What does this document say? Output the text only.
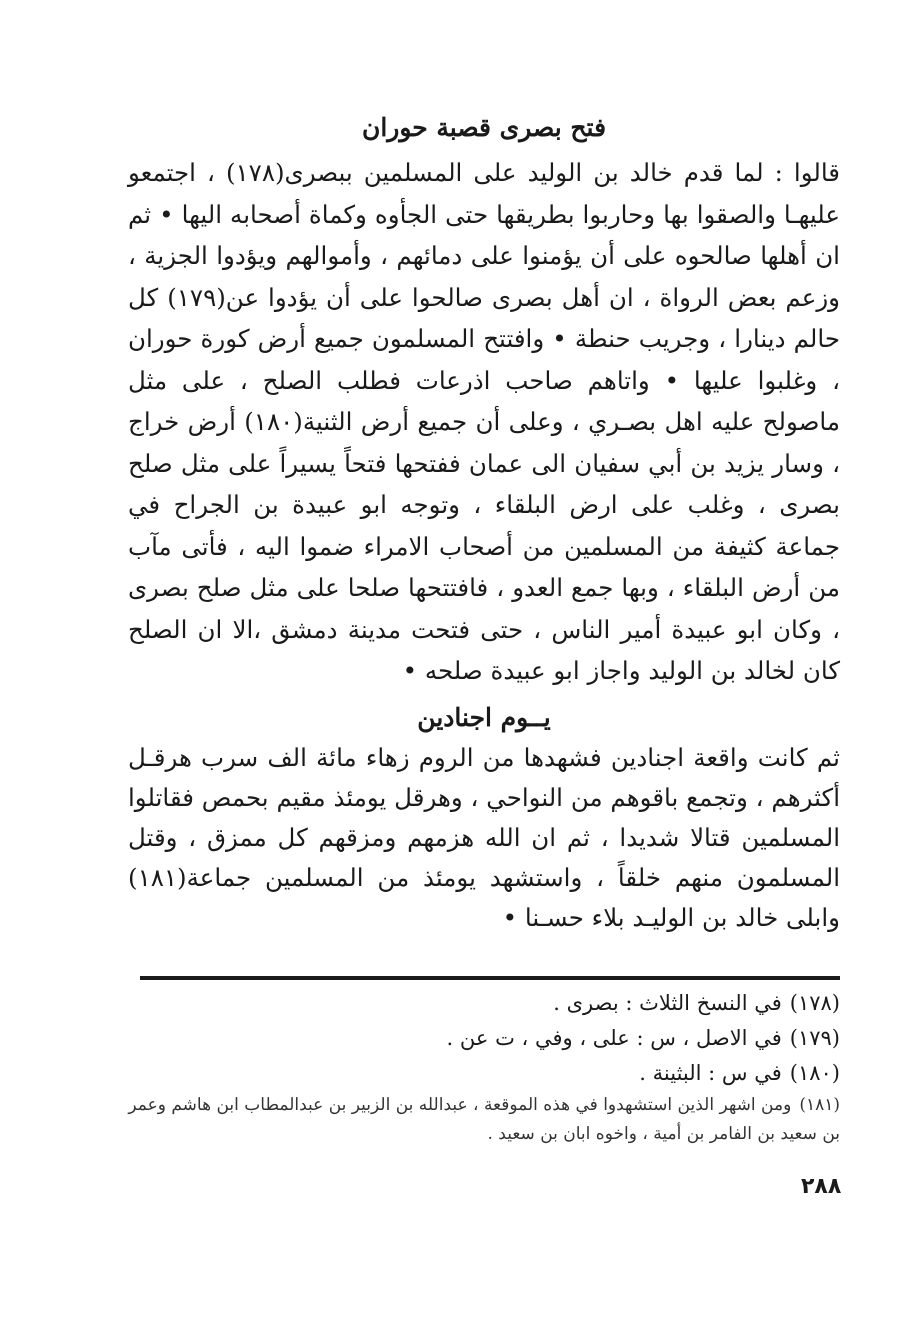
فتح بصرى قصبة حوران

قالوا : لما قدم خالد بن الوليد على المسلمين ببصرى(١٧٨) ، اجتمعو عليهـا والصقوا بها وحاربوا بطريقها حتى الجأوه وكماة أصحابه اليها • ثم ان أهلها صالحوه على أن يؤمنوا على دمائهم ، وأموالهم ويؤدوا الجزية ، وزعم بعض الرواة ، ان أهل بصرى صالحوا على أن يؤدوا عن(١٧٩) كل حالم دينارا ، وجريب حنطة • وافتتح المسلمون جميع أرض كورة حوران ، وغلبوا عليها • واتاهم صاحب اذرعات فطلب الصلح ، على مثل ماصولح عليه اهل بصـري ، وعلى أن جميع أرض الثنية(١٨٠) أرض خراج ، وسار يزيد بن أبي سفيان الى عمان ففتحها فتحاً يسيراً على مثل صلح بصرى ، وغلب على ارض البلقاء ، وتوجه ابو عبيدة بن الجراح في جماعة كثيفة من المسلمين من أصحاب الامراء ضموا اليه ، فأتى مآب من أرض البلقاء ، وبها جمع العدو ، فافتتحها صلحا على مثل صلح بصرى ، وكان ابو عبيدة أمير الناس ، حتى فتحت مدينة دمشق ،الا ان الصلح كان لخالد بن الوليد واجاز ابو عبيدة صلحه •

يــوم اجنادين

ثم كانت واقعة اجنادين فشهدها من الروم زهاء مائة الف سرب هرقـل أكثرهم ، وتجمع باقوهم من النواحي ، وهرقل يومئذ مقيم بحمص فقاتلوا المسلمين قتالا شديدا ، ثم ان الله هزمهم ومزقهم كل ممزق ، وقتل المسلمون منهم خلقاً ، واستشهد يومئذ من المسلمين جماعة(١٨١) وابلى خالد بن الوليـد بلاء حسـنا •

(١٧٨)في النسخ الثلاث : بصرى .

(١٧٩)في الاصل ، س : على ، وفي ، ت عن .

(١٨٠)في س : البثينة .

(١٨١)ومن اشهر الذين استشهدوا في هذه الموقعة ، عبدالله بن الزبير بن عبدالمطاب ابن هاشم وعمر بن سعيد بن الفامر بن أمية ، واخوه ابان بن سعيد .

٢٨٨
